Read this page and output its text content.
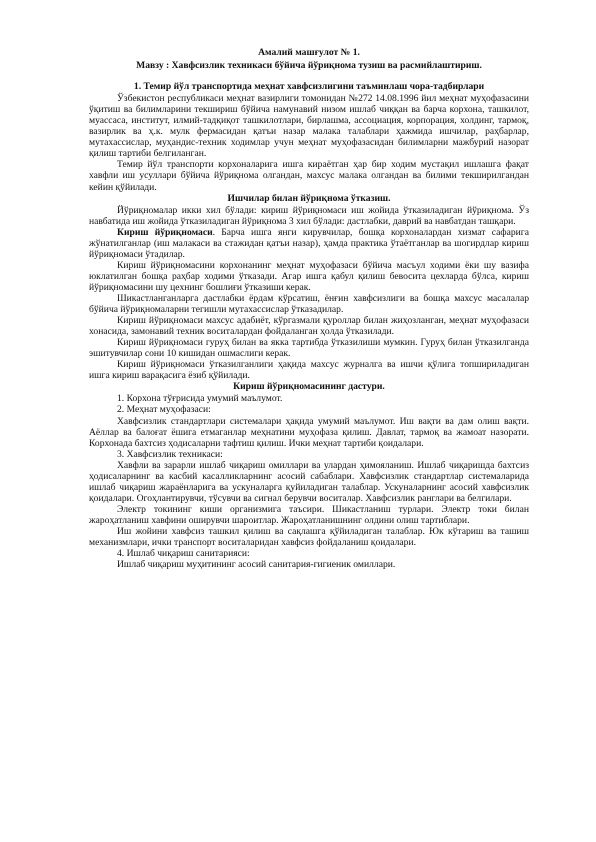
Амалий машғулот № 1.
Мавзу : Хавфсизлик техникаси бўйича йўриқнома тузиш ва расмийлаштириш.
1. Темир йўл транспортида меҳнат хавфсизлигини таъминлаш чора-тадбирлари

Ўзбекистон республикаси меҳнат вазирлиги томонидан №272 14.08.1996 йил меҳнат муҳофазасини ўқитиш ва билимларини текшириш бўйича намунавий низом ишлаб чиққан ва барча корхона, ташкилот, муассаса, институт, илмий-тадқиқот ташкилотлари, бирлашма, ассоциация, корпорация, холдинг, тармоқ, вазирлик ва ҳ.к. мулк фермасидан қатъи назар малака талаблари ҳажмида ишчилар, раҳбарлар, мутахассислар, муҳандис-техник ходимлар учун меҳнат муҳофазасидан билимларни мажбурий назорат қилиш тартиби белгиланган.

Темир йўл транспорти корхоналарига ишга кираётган ҳар бир ходим мустақил ишлашга фақат хавфли иш усуллари бўйича йўриқнома олгандан, махсус малака олгандан ва билими текширилгандан кейин қўйилади.

Ишчилар билан йўриқнома ўтказиш.

Йўриқномалар икки хил бўлади: кириш йўриқномаси иш жойида ўтказиладиган йўриқнома. Ўз навбатида иш жойида ўтказиладиган йўриқнома 3 хил бўлади: дастлабки, даврий ва навбатдан ташқари.

Кириш йўриқномаси. Барча ишга янги кирувчилар, бошқа корхоналардан хизмат сафарига жўнатилганлар (иш малакаси ва стажидан қатъи назар), ҳамда практика ўтаётганлар ва шогирдлар кириш йўриқномаси ўтадилар.

Кириш йўриқномасини корхонанинг меҳнат муҳофазаси бўйича масъул ходими ёки шу вазифа юклатилган бошқа раҳбар ходими ўтказади. Агар ишга қабул қилиш бевосита цехларда бўлса, кириш йўриқномасини шу цехнинг бошлиғи ўтказиши керак.

Шикастланганларга дастлабки ёрдам кўрсатиш, ёнғин хавфсизлиги ва бошқа махсус масалалар бўйича йўриқномаларни тегишли мутахассислар ўтказадилар.

Кириш йўриқномаси махсус адабиёт, кўргазмали қуроллар билан жиҳозланган, меҳнат муҳофазаси хонасида, замонавий техник воситалардан фойдаланган ҳолда ўтказилади.

Кириш йўриқномаси гуруҳ билан ва якка тартибда ўтказилиши мумкин. Гуруҳ билан ўтказилганда эшитувчилар сони 10 кишидан ошмаслиги керак.

Кириш йўриқномаси ўтказилганлиги ҳақида махсус журналга ва ишчи қўлига топшириладиган ишга кириш варақасига ёзиб қўйилади.

Кириш йўриқномасининг дастури.

1. Корхона тўғрисида умумий маълумот.

2. Меҳнат муҳофазаси:

Хавфсизлик стандартлари системалари ҳақида умумий маълумот. Иш вақти ва дам олиш вақти. Аёллар ва балоғат ёшига етмаганлар меҳнатини муҳофаза қилиш. Давлат, тармоқ ва жамоат назорати. Корхонада бахтсиз ҳодисаларни тафтиш қилиш. Ички меҳнат тартиби қоидалари.

3. Хавфсизлик техникаси:

Хавфли ва зарарли ишлаб чиқариш омиллари ва улардан ҳимояланиш. Ишлаб чиқаришда бахтсиз ҳодисаларнинг ва касбий касалликларнинг асосий сабаблари. Хавфсизлик стандартлар системаларида ишлаб чиқариш жараёнларига ва ускуналарга қуйиладиган талаблар. Ускуналарнинг асосий хавфсизлик қоидалари. Огоҳлантирувчи, тўсувчи ва сигнал берувчи воситалар. Хавфсизлик ранглари ва белгилари.

Электр токининг киши организмига таъсири. Шикастланиш турлари. Электр токи билан жароҳатланиш хавфини оширувчи шароитлар. Жароҳатланишнинг олдини олиш тартиблари.

Иш жойини хавфсиз ташкил қилиш ва сақлашга қўйиладиган талаблар. Юк кўтариш ва ташиш механизмлари, ички транспорт воситаларидан хавфсиз фойдаланиш қоидалари.

4. Ишлаб чиқариш санитарияси:

Ишлаб чиқариш муҳитининг асосий санитария-гигиеник омиллари.
